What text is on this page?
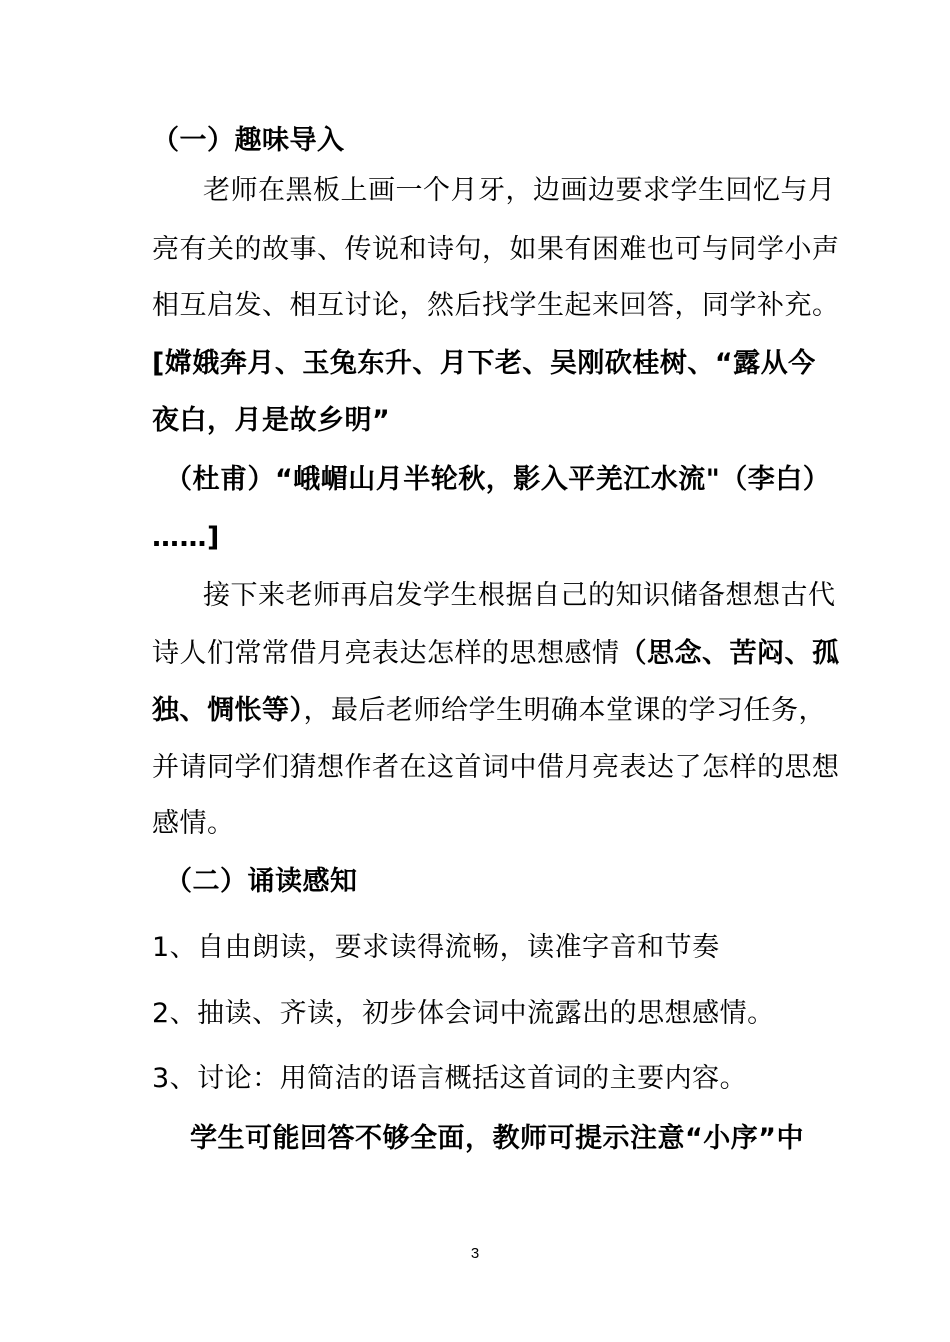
（一）趣味导入
老师在黑板上画一个月牙，边画边要求学生回忆与月
亮有关的故事、传说和诗句，如果有困难也可与同学小声
相互启发、相互讨论，然后找学生起来回答，同学补充。
[嫦娥奔月、玉兔东升、月下老、吴刚砍桂树、“露从今
夜白，月是故乡明”
（杜甫）“峨嵋山月半轮秋，影入平羌江水流"（李白）
……]
接下来老师再启发学生根据自己的知识储备想想古代
诗人们常常借月亮表达怎样的思想感情（思念、苦闷、孤
独、惆怅等），最后老师给学生明确本堂课的学习任务，
并请同学们猜想作者在这首词中借月亮表达了怎样的思想
感情。
（二）诵读感知
1、自由朗读，要求读得流畅，读准字音和节奏
2、抽读、齐读，初步体会词中流露出的思想感情。
3、讨论：用简洁的语言概括这首词的主要内容。
学生可能回答不够全面，教师可提示注意“小序”中
3
